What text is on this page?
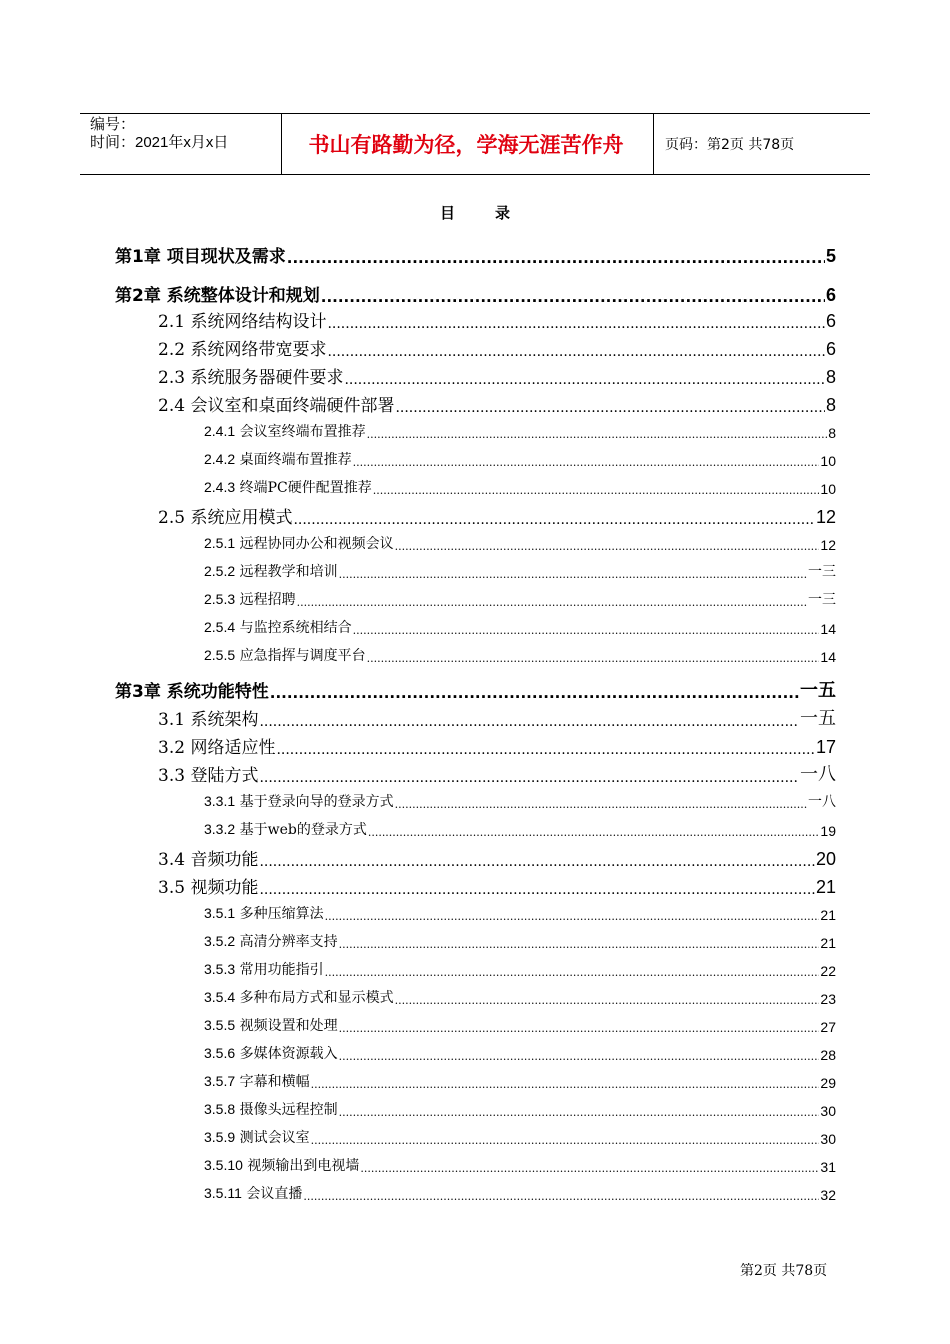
编号：
时间：2021年x月x日	书山有路勤为径，学海无涯苦作舟	页码：第2页 共78页
目录
第1章 项目现状及需求 .....	5
第2章 系统整体设计和规划 .....	6
2.1 系统网络结构设计 .....	6
2.2 系统网络带宽要求 .....	6
2.3 系统服务器硬件要求 .....	8
2.4 会议室和桌面终端硬件部署 .....	8
2.4.1 会议室终端布置推荐 .....	8
2.4.2 桌面终端布置推荐 .....	10
2.4.3 终端PC硬件配置推荐 .....	10
2.5 系统应用模式 .....	12
2.5.1 远程协同办公和视频会议 .....	12
2.5.2 远程教学和培训 .....	一三
2.5.3 远程招聘 .....	一三
2.5.4 与监控系统相结合 .....	14
2.5.5 应急指挥与调度平台 .....	14
第3章 系统功能特性 .....	一五
3.1 系统架构 .....	一五
3.2 网络适应性 .....	17
3.3 登陆方式 .....	一八
3.3.1 基于登录向导的登录方式 .....	一八
3.3.2 基于web的登录方式 .....	19
3.4 音频功能 .....	20
3.5 视频功能 .....	21
3.5.1 多种压缩算法 .....	21
3.5.2 高清分辨率支持 .....	21
3.5.3 常用功能指引 .....	22
3.5.4 多种布局方式和显示模式 .....	23
3.5.5 视频设置和处理 .....	27
3.5.6 多媒体资源载入 .....	28
3.5.7 字幕和横幅 .....	29
3.5.8 摄像头远程控制 .....	30
3.5.9 测试会议室 .....	30
3.5.10 视频输出到电视墙 .....	31
3.5.11 会议直播 .....	32
第2页 共78页
